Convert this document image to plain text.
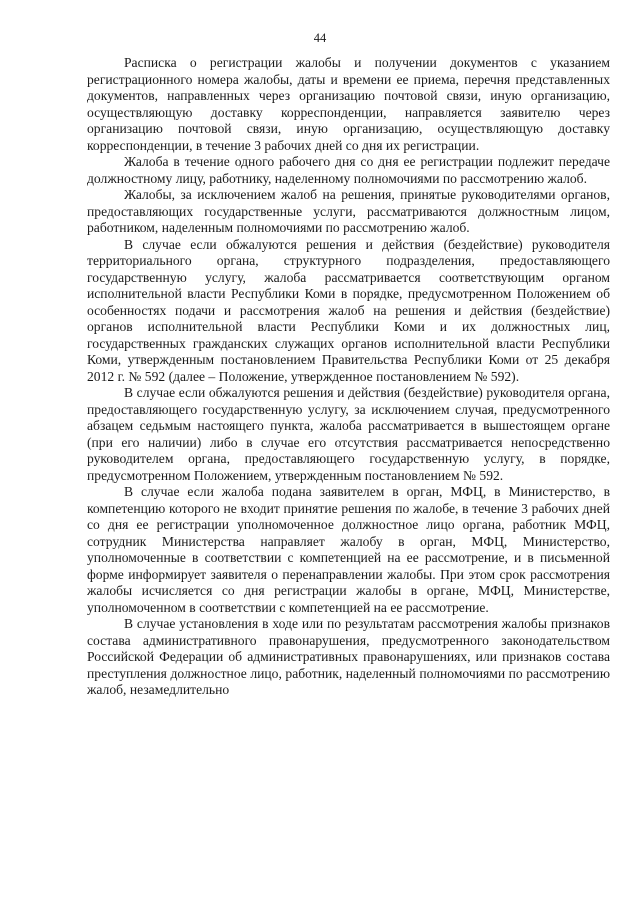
44

Расписка о регистрации жалобы и получении документов с указанием регистрационного номера жалобы, даты и времени ее приема, перечня представленных документов, направленных через организацию почтовой связи, иную организацию, осуществляющую доставку корреспонденции, направляется заявителю через организацию почтовой связи, иную организацию, осуществляющую доставку корреспонденции, в течение 3 рабочих дней со дня их регистрации.

Жалоба в течение одного рабочего дня со дня ее регистрации подлежит передаче должностному лицу, работнику, наделенному полномочиями по рассмотрению жалоб.

Жалобы, за исключением жалоб на решения, принятые руководителями органов, предоставляющих государственные услуги, рассматриваются должностным лицом, работником, наделенным полномочиями по рассмотрению жалоб.

В случае если обжалуются решения и действия (бездействие) руководителя территориального органа, структурного подразделения, предоставляющего государственную услугу, жалоба рассматривается соответствующим органом исполнительной власти Республики Коми в порядке, предусмотренном Положением об особенностях подачи и рассмотрения жалоб на решения и действия (бездействие) органов исполнительной власти Республики Коми и их должностных лиц, государственных гражданских служащих органов исполнительной власти Республики Коми, утвержденным постановлением Правительства Республики Коми от 25 декабря 2012 г. № 592 (далее – Положение, утвержденное постановлением № 592).

В случае если обжалуются решения и действия (бездействие) руководителя органа, предоставляющего государственную услугу, за исключением случая, предусмотренного абзацем седьмым настоящего пункта, жалоба рассматривается в вышестоящем органе (при его наличии) либо в случае его отсутствия рассматривается непосредственно руководителем органа, предоставляющего государственную услугу, в порядке, предусмотренном Положением, утвержденным постановлением № 592.

В случае если жалоба подана заявителем в орган, МФЦ, в Министерство, в компетенцию которого не входит принятие решения по жалобе, в течение 3 рабочих дней со дня ее регистрации уполномоченное должностное лицо органа, работник МФЦ, сотрудник Министерства направляет жалобу в орган, МФЦ, Министерство, уполномоченные в соответствии с компетенцией на ее рассмотрение, и в письменной форме информирует заявителя о перенаправлении жалобы. При этом срок рассмотрения жалобы исчисляется со дня регистрации жалобы в органе, МФЦ, Министерстве, уполномоченном в соответствии с компетенцией на ее рассмотрение.

В случае установления в ходе или по результатам рассмотрения жалобы признаков состава административного правонарушения, предусмотренного законодательством Российской Федерации об административных правонарушениях, или признаков состава преступления должностное лицо, работник, наделенный полномочиями по рассмотрению жалоб, незамедлительно
